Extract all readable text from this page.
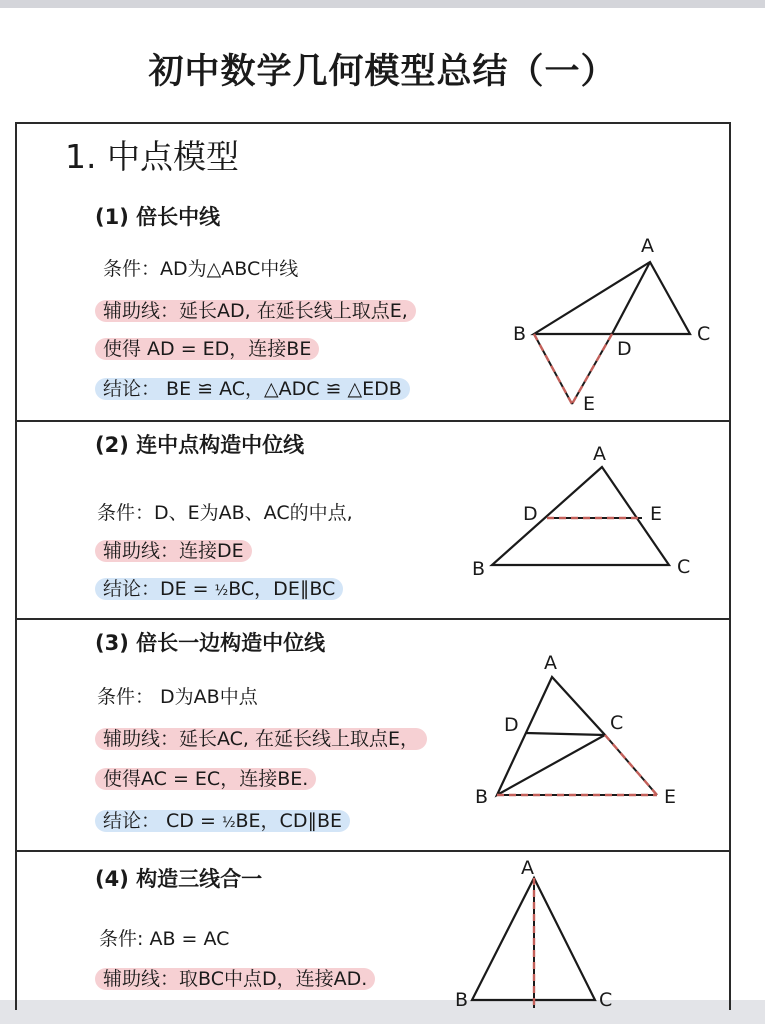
初中数学几何模型总结（一）
1. 中点模型
(1) 倍长中线
条件：AD为△ABC中线
辅助线：延长AD, 在延长线上取点E,
使得 AD = ED，连接BE
结论： BE ≌ AC，△ADC ≌ △EDB
A
B	C
D
E
(2) 连中点构造中位线
条件：D、E为AB、AC的中点,
辅助线：连接DE
结论：DE = ½BC，DE∥BC
A
B	C
D	E
(3) 倍长一边构造中位线
条件： D为AB中点
辅助线：延长AC, 在延长线上取点E，
使得AC = EC，连接BE.
结论： CD = ½BE，CD∥BE
A
B
C
D
E
(4) 构造三线合一
条件: AB = AC
辅助线：取BC中点D，连接AD.
A
B	C
